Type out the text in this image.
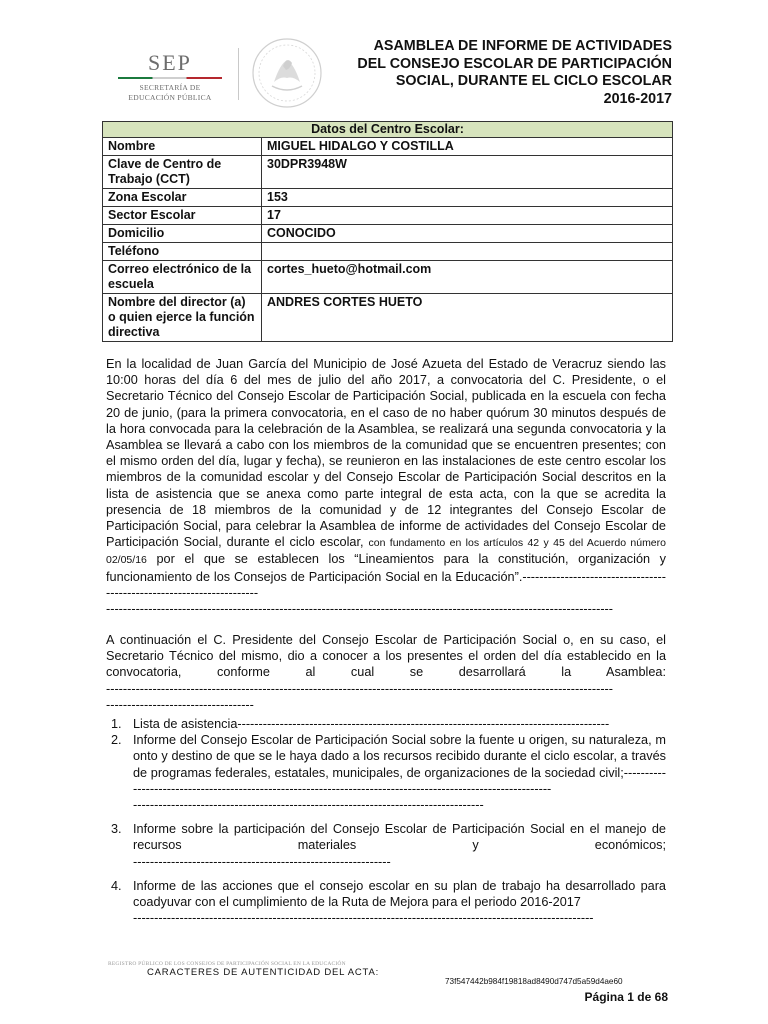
SEP
SECRETARÍA DE
EDUCACIÓN PÚBLICA
ASAMBLEA DE INFORME DE ACTIVIDADES
DEL CONSEJO ESCOLAR DE PARTICIPACIÓN
SOCIAL, DURANTE EL CICLO ESCOLAR
2016-2017
Datos del Centro Escolar:	
Nombre	MIGUEL HIDALGO Y COSTILLA
Clave de Centro de Trabajo (CCT)	30DPR3948W
Zona Escolar	153
Sector Escolar	17
Domicilio	CONOCIDO
Teléfono	
Correo electrónico de la escuela	cortes_hueto@hotmail.com
Nombre del director (a) o quien ejerce la función directiva	ANDRES CORTES HUETO
En la localidad de Juan García del Municipio de José Azueta del Estado de Veracruz siendo las 10:00 horas del día 6 del mes de julio del año 2017, a convocatoria del C. Presidente, o el Secretario Técnico del Consejo Escolar de Participación Social, publicada en la escuela con fecha 20 de junio, (para la primera convocatoria, en el caso de no haber quórum 30 minutos después de la hora convocada para la celebración de la Asamblea, se realizará una segunda convocatoria y la Asamblea se llevará a cabo con los miembros de la comunidad que se encuentren presentes; con el mismo orden del día, lugar y fecha), se reunieron en las instalaciones de este centro escolar los miembros de la comunidad escolar y del Consejo Escolar de Participación Social descritos en la lista de asistencia que se anexa como parte integral de esta acta, con la que se acredita la presencia de 18 miembros de la comunidad y de 12 integrantes del Consejo Escolar de Participación Social, para celebrar la Asamblea de informe de actividades del Consejo Escolar de Participación Social, durante el ciclo escolar, con fundamento en los artículos 42 y 45 del Acuerdo número 02/05/16 por el que se establecen los “Lineamientos para la constitución, organización y funcionamiento de los Consejos de Participación Social en la Educación”.----------------------------------------------------------------------
------------------------------------------------------------------------------------------------------------------------
A continuación el C. Presidente del Consejo Escolar de Participación Social o, en su caso, el Secretario Técnico del mismo, dio a conocer a los presentes el orden del día establecido en la convocatoria, conforme al cual se desarrollará la Asamblea:
------------------------------------------------------------------------------------------------------------------------
-----------------------------------
1. Lista de asistencia----------------------------------------------------------------------------------------
2. Informe del Consejo Escolar de Participación Social sobre la fuente u origen, su naturaleza, monto y destino de que se le haya dado a los recursos recibido durante el ciclo escolar, a través de programas federales, estatales, municipales, de organizaciones de la sociedad civil;-------------------------------------------------------------------------------------------------------------
-----------------------------------------------------------------------------------
3. Informe sobre la participación del Consejo Escolar de Participación Social en el manejo de recursos materiales y económicos;
-------------------------------------------------------------
4. Informe de las acciones que el consejo escolar en su plan de trabajo ha desarrollado para coadyuvar con el cumplimiento de la Ruta de Mejora para el periodo 2016-2017
-------------------------------------------------------------------------------------------------------------
REGISTRO PÚBLICO DE LOS CONSEJOS DE PARTICIPACIÓN SOCIAL EN LA EDUCACIÓN
CARACTERES DE AUTENTICIDAD DEL ACTA:
73f547442b984f19818ad8490d747d5a59d4ae60
Página 1 de 68
